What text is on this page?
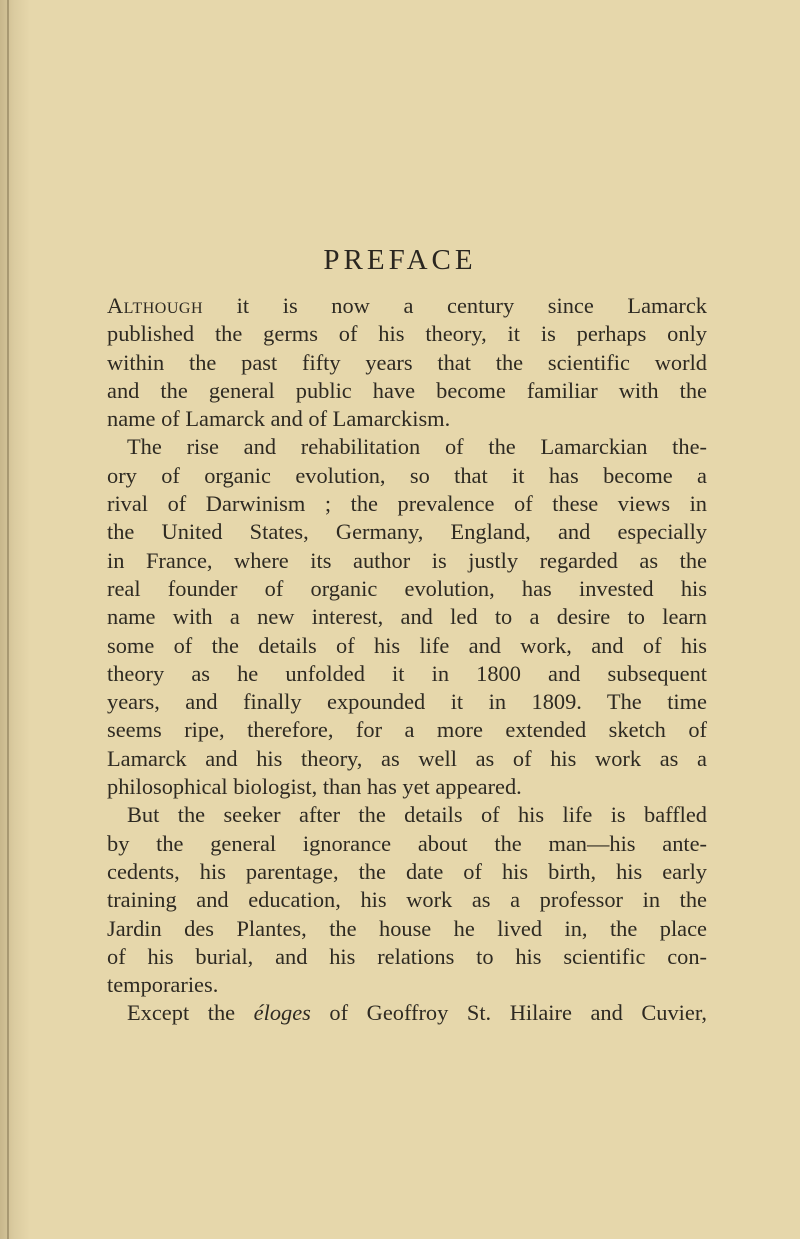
PREFACE
Although it is now a century since Lamarck
published the germs of his theory, it is perhaps only
within the past fifty years that the scientific world
and the general public have become familiar with the
name of Lamarck and of Lamarckism.
The rise and rehabilitation of the Lamarckian the-
ory of organic evolution, so that it has become a
rival of Darwinism ; the prevalence of these views in
the United States, Germany, England, and especially
in France, where its author is justly regarded as the
real founder of organic evolution, has invested his
name with a new interest, and led to a desire to learn
some of the details of his life and work, and of his
theory as he unfolded it in 1800 and subsequent
years, and finally expounded it in 1809. The time
seems ripe, therefore, for a more extended sketch of
Lamarck and his theory, as well as of his work as a
philosophical biologist, than has yet appeared.
But the seeker after the details of his life is baffled
by the general ignorance about the man—his ante-
cedents, his parentage, the date of his birth, his early
training and education, his work as a professor in the
Jardin des Plantes, the house he lived in, the place
of his burial, and his relations to his scientific con-
temporaries.
Except the éloges of Geoffroy St. Hilaire and Cuvier,
